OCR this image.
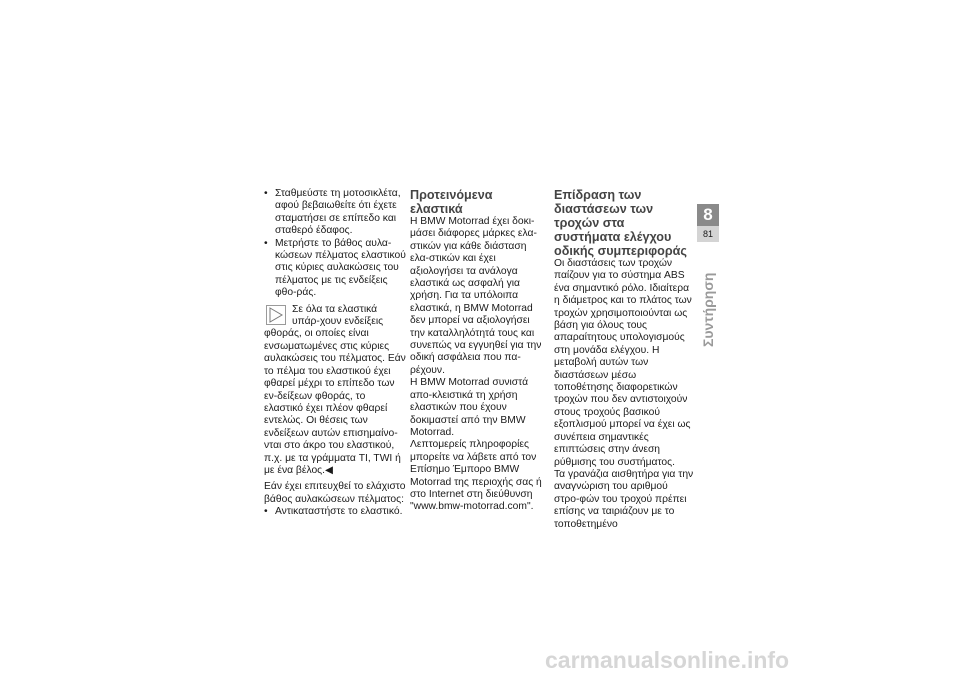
• Σταθμεύστε τη μοτοσικλέτα,

αφού βεβαιωθείτε ότι έχετε σταματήσει σε επίπεδο και σταθερό έδαφος.

• Μετρήστε το βάθος αυλα-

κώσεων πέλματος ελαστικού στις κύριες αυλακώσεις του πέλματος με τις ενδείξεις φθο-ράς.

Σε όλα τα ελαστικά υπάρ-χουν ενδείξεις φθοράς, οι οποίες είναι ενσωματωμένες στις κύριες αυλακώσεις του πέλματος. Εάν το πέλμα του ελαστικού έχει φθαρεί μέχρι το επίπεδο των εν-δείξεων φθοράς, το ελαστικό έχει πλέον φθαρεί εντελώς. Οι θέσεις των ενδείξεων αυτών επισημαίνο-νται στο άκρο του ελαστικού, π.χ. με τα γράμματα TI, TWI ή με ένα βέλος.◀

Εάν έχει επιτευχθεί το ελάχιστο βάθος αυλακώσεων πέλματος:

• Αντικαταστήστε το ελαστικό.

Προτεινόμενα ελαστικά

Η BMW Motorrad έχει δοκι-μάσει διάφορες μάρκες ελα-στικών για κάθε διάσταση ελα-στικών και έχει αξιολογήσει τα ανάλογα ελαστικά ως ασφαλή για χρήση. Για τα υπόλοιπα ελαστικά, η BMW Motorrad δεν μπορεί να αξιολογήσει την καταλληλότητά τους και συνεπώς να εγγυηθεί για την οδική ασφάλεια που πα-ρέχουν.

Η BMW Motorrad συνιστά απο-κλειστικά τη χρήση ελαστικών που έχουν δοκιμαστεί από την BMW Motorrad.

Λεπτομερείς πληροφορίες μπορείτε να λάβετε από τον Επίσημο Έμπορο BMW Motorrad της περιοχής σας ή στο Internet στη διεύθυνση "www.bmw-motorrad.com".

Επίδραση των διαστάσεων των τροχών στα συστήματα ελέγχου οδικής συμπεριφοράς

Οι διαστάσεις των τροχών παίζουν για το σύστημα ABS ένα σημαντικό ρόλο. Ιδιαίτερα η διάμετρος και το πλάτος των τροχών χρησιμοποιούνται ως βάση για όλους τους απαραίτητους υπολογισμούς στη μονάδα ελέγχου. Η μεταβολή αυτών των διαστάσεων μέσω τοποθέτησης διαφορετικών τροχών που δεν αντιστοιχούν στους τροχούς βασικού εξοπλισμού μπορεί να έχει ως συνέπεια σημαντικές επιπτώσεις στην άνεση ρύθμισης του συστήματος.

Τα γρανάζια αισθητήρα για την αναγνώριση του αριθμού στρο-φών του τροχού πρέπει επίσης να ταιριάζουν με το τοποθετημένο

8
81
Συντήρηση
carmanualsonline.info
